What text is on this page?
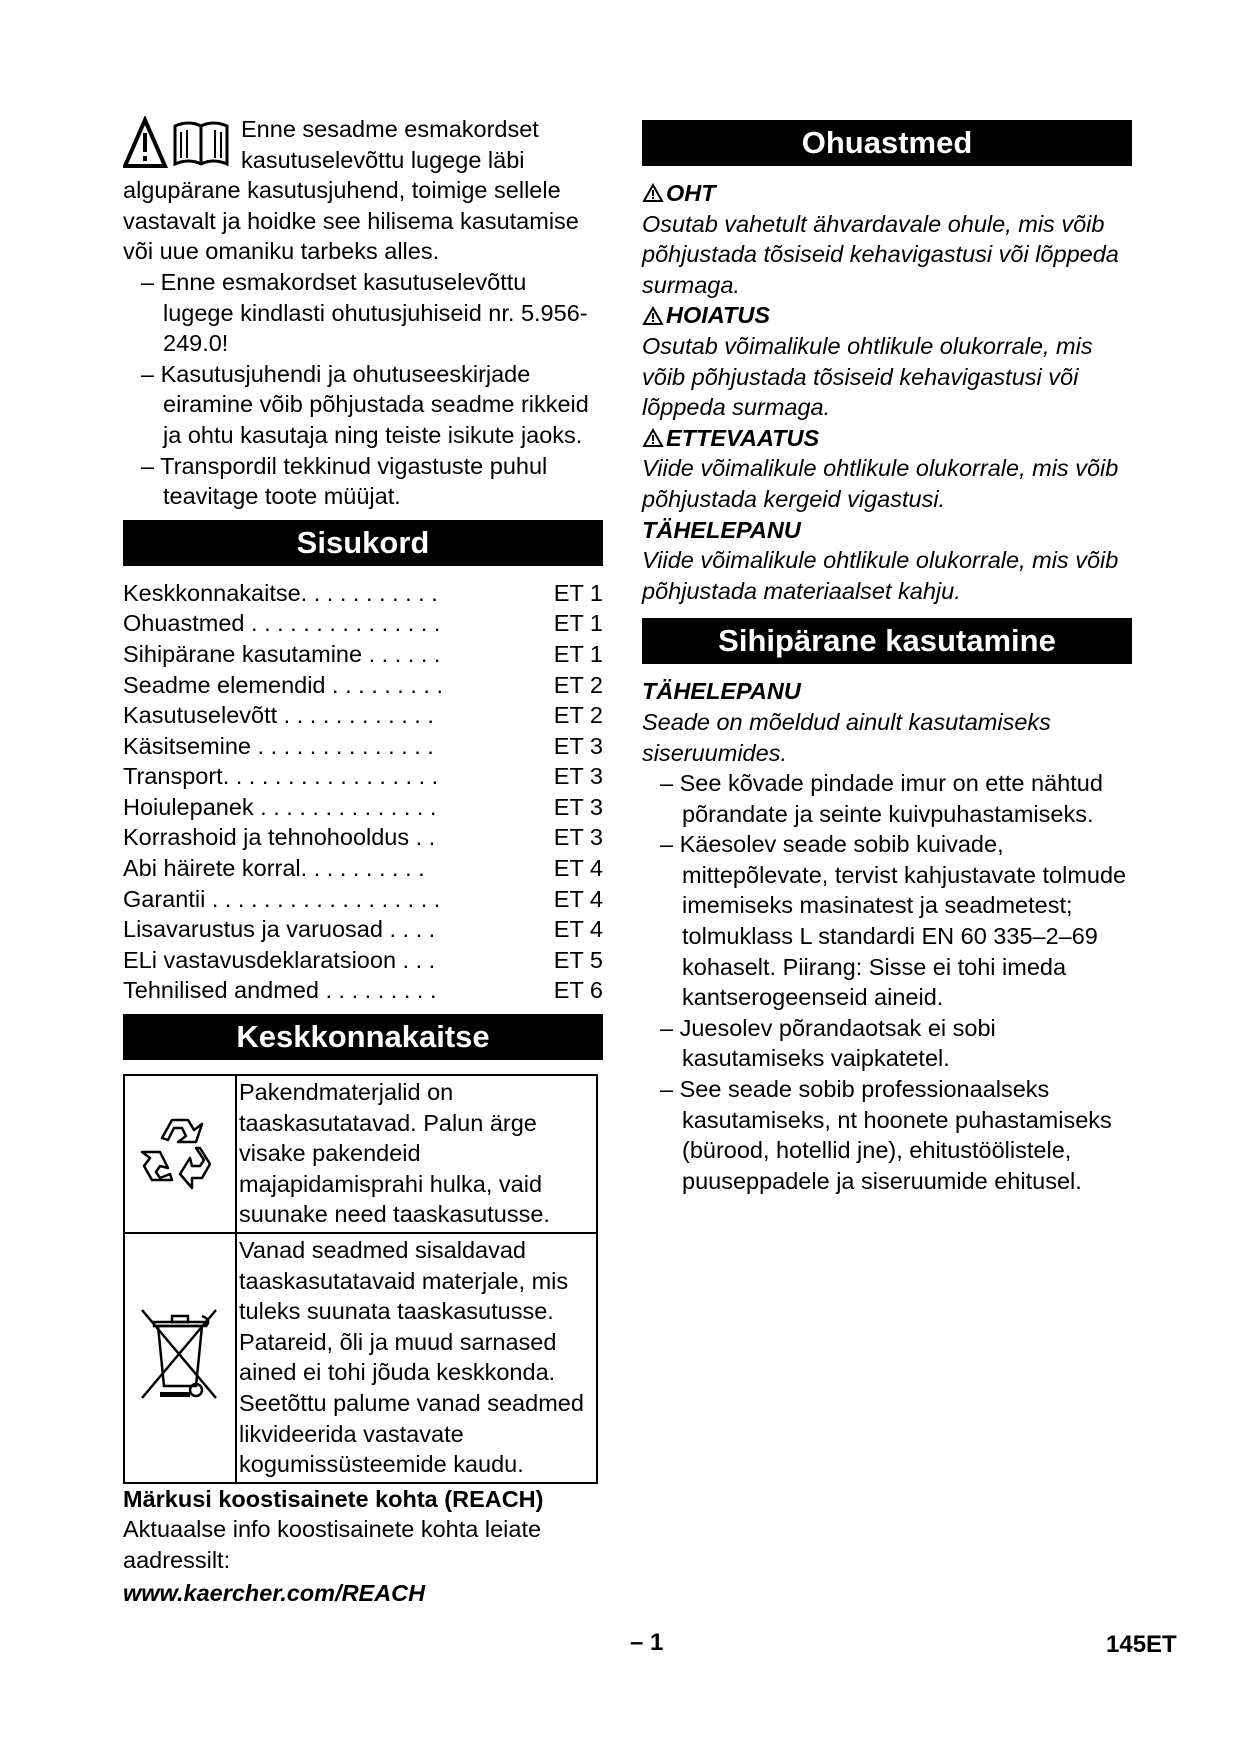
Enne sesadme esmakordset kasutuselevõttu lugege läbi algupärane kasutusjuhend, toimige sellele vastavalt ja hoidke see hilisema kasutamise või uue omaniku tarbeks alles.

– Enne esmakordset kasutuselevõttu lugege kindlasti ohutusjuhiseid nr. 5.956-249.0!

– Kasutusjuhendi ja ohutuseeskirjade eiramine võib põhjustada seadme rikkeid ja ohtu kasutaja ning teiste isikute jaoks.

– Transpordil tekkinud vigastuste puhul teavitage toote müüjat.

Sisukord
Keskkonnakaitse. . . . . . . . . . .	ET 1
Ohuastmed . . . . . . . . . . . . . . .	ET 1
Sihipärane kasutamine . . . . . .	ET 1
Seadme elemendid . . . . . . . . .	ET 2
Kasutuselevõtt . . . . . . . . . . . .	ET 2
Käsitsemine . . . . . . . . . . . . . .	ET 3
Transport. . . . . . . . . . . . . . . . .	ET 3
Hoiulepanek . . . . . . . . . . . . . .	ET 3
Korrashoid ja tehnohooldus . .	ET 3
Abi häirete korral. . . . . . . . . .	ET 4
Garantii . . . . . . . . . . . . . . . . . .	ET 4
Lisavarustus ja varuosad . . . .	ET 4
ELi vastavusdeklaratsioon . . .	ET 5
Tehnilised andmed . . . . . . . . .	ET 6
Keskkonnakaitse
	Pakendmaterjalid on taaskasutatavad. Palun ärge visake pakendeid majapidamisprahi hulka, vaid suunake need taaskasutusse.
	Vanad seadmed sisaldavad taaskasutatavaid materjale, mis tuleks suunata taaskasutusse. Patareid, õli ja muud sarnased ained ei tohi jõuda keskkonda. Seetõttu palume vanad seadmed likvideerida vastavate kogumissüsteemide kaudu.

Märkusi koostisainete kohta (REACH)

Aktuaalse info koostisainete kohta leiate aadressilt:

www.kaercher.com/REACH

Ohuastmed

OHT

Osutab vahetult ähvardavale ohule, mis võib põhjustada tõsiseid kehavigastusi või lõppeda surmaga.

HOIATUS

Osutab võimalikule ohtlikule olukorrale, mis võib põhjustada tõsiseid kehavigastusi või lõppeda surmaga.

ETTEVAATUS

Viide võimalikule ohtlikule olukorrale, mis võib põhjustada kergeid vigastusi.

TÄHELEPANU

Viide võimalikule ohtlikule olukorrale, mis võib põhjustada materiaalset kahju.

Sihipärane kasutamine

TÄHELEPANU

Seade on mõeldud ainult kasutamiseks siseruumides.

– See kõvade pindade imur on ette nähtud põrandate ja seinte kuivpuhastamiseks.

– Käesolev seade sobib kuivade, mittepõlevate, tervist kahjustavate tolmude imemiseks masinatest ja seadmetest; tolmuklass L standardi EN 60 335–2–69 kohaselt. Piirang: Sisse ei tohi imeda kantserogeenseid aineid.

– Juesolev põrandaotsak ei sobi kasutamiseks vaipkatetel.

– See seade sobib professionaalseks kasutamiseks, nt hoonete puhastamiseks (bürood, hotellid jne), ehitustöölistele, puuseppadele ja siseruumide ehitusel.

– 1	145ET
